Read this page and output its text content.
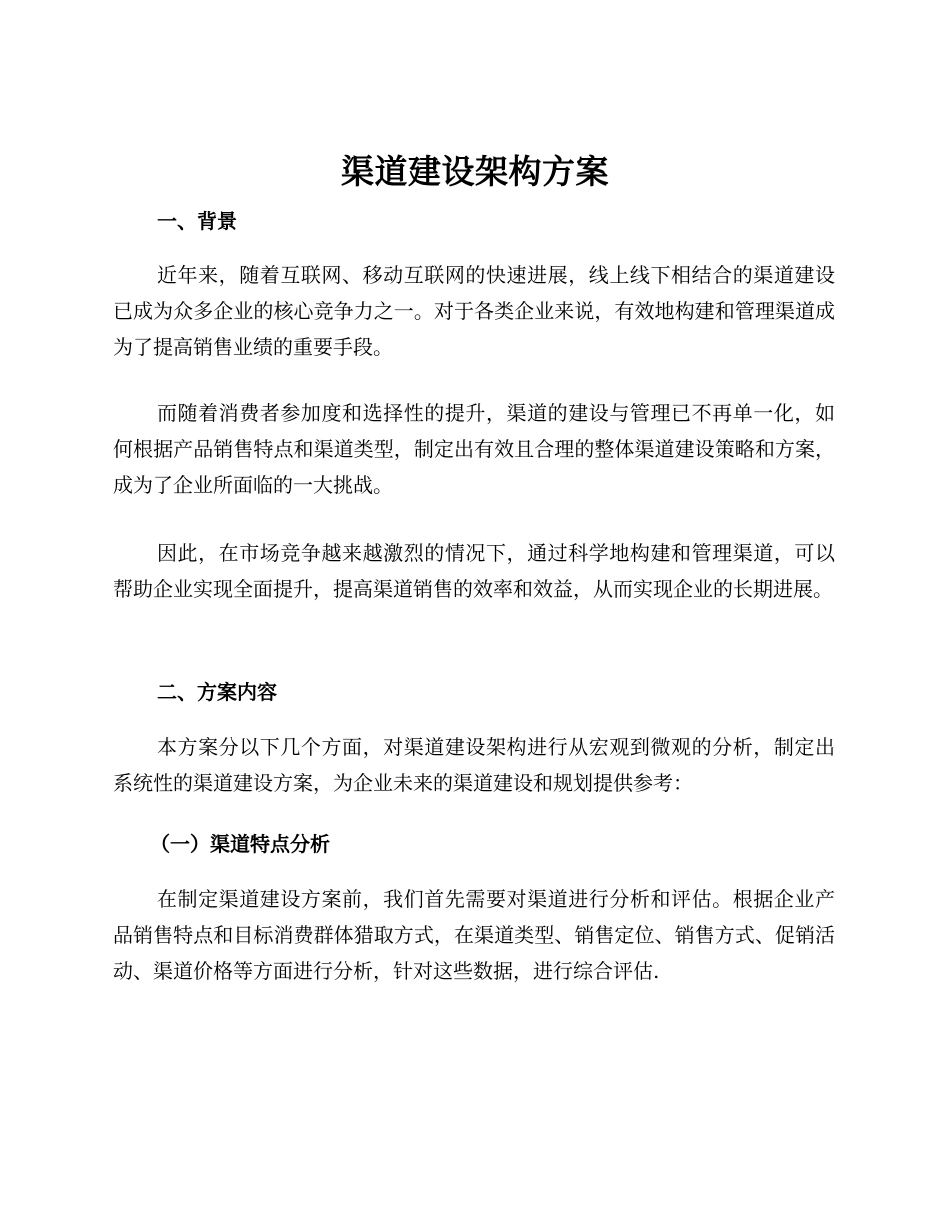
渠道建设架构方案
一、背景
近年来，随着互联网、移动互联网的快速进展，线上线下相结合的渠道建设已成为众多企业的核心竞争力之一。对于各类企业来说，有效地构建和管理渠道成为了提高销售业绩的重要手段。
而随着消费者参加度和选择性的提升，渠道的建设与管理已不再单一化，如何根据产品销售特点和渠道类型，制定出有效且合理的整体渠道建设策略和方案，成为了企业所面临的一大挑战。
因此，在市场竞争越来越激烈的情况下，通过科学地构建和管理渠道，可以帮助企业实现全面提升，提高渠道销售的效率和效益，从而实现企业的长期进展。
二、方案内容
本方案分以下几个方面，对渠道建设架构进行从宏观到微观的分析，制定出系统性的渠道建设方案，为企业未来的渠道建设和规划提供参考：
（一）渠道特点分析
在制定渠道建设方案前，我们首先需要对渠道进行分析和评估。根据企业产品销售特点和目标消费群体猎取方式，在渠道类型、销售定位、销售方式、促销活动、渠道价格等方面进行分析，针对这些数据，进行综合评估.
